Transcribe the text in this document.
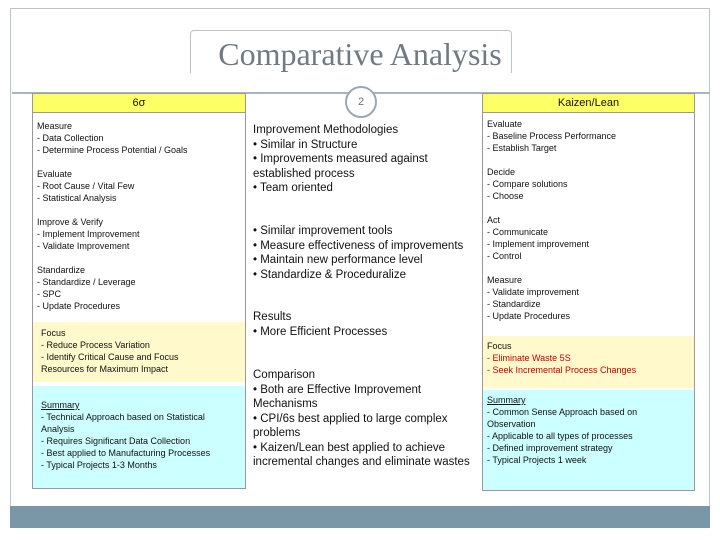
Comparative Analysis
2
6σ
Measure
- Data Collection
- Determine Process Potential / Goals
Evaluate
- Root Cause / Vital Few
- Statistical Analysis
Improve & Verify
- Implement Improvement
- Validate Improvement
Standardize
- Standardize / Leverage
- SPC
- Update Procedures
Focus
- Reduce Process Variation
- Identify Critical Cause and Focus
Resources for Maximum Impact
Summary
- Technical Approach based on Statistical
Analysis
- Requires Significant Data Collection
- Best applied to Manufacturing Processes
- Typical Projects 1-3 Months
Improvement Methodologies
• Similar in Structure
• Improvements measured against
established process
• Team oriented
• Similar improvement tools
• Measure effectiveness of improvements
• Maintain new performance level
• Standardize & Proceduralize
Results
• More Efficient Processes
Comparison
• Both are Effective Improvement
Mechanisms
• CPI/6s best applied to large complex
problems
• Kaizen/Lean best applied to achieve
incremental changes and eliminate wastes
Kaizen/Lean
Evaluate
- Baseline Process Performance
- Establish Target
Decide
- Compare solutions
- Choose
Act
- Communicate
- Implement improvement
- Control
Measure
- Validate improvement
- Standardize
- Update Procedures
Focus
- Eliminate Waste 5S
- Seek Incremental Process Changes
Summary
- Common Sense Approach based on
Observation
- Applicable to all types of processes
- Defined improvement strategy
- Typical Projects 1 week
